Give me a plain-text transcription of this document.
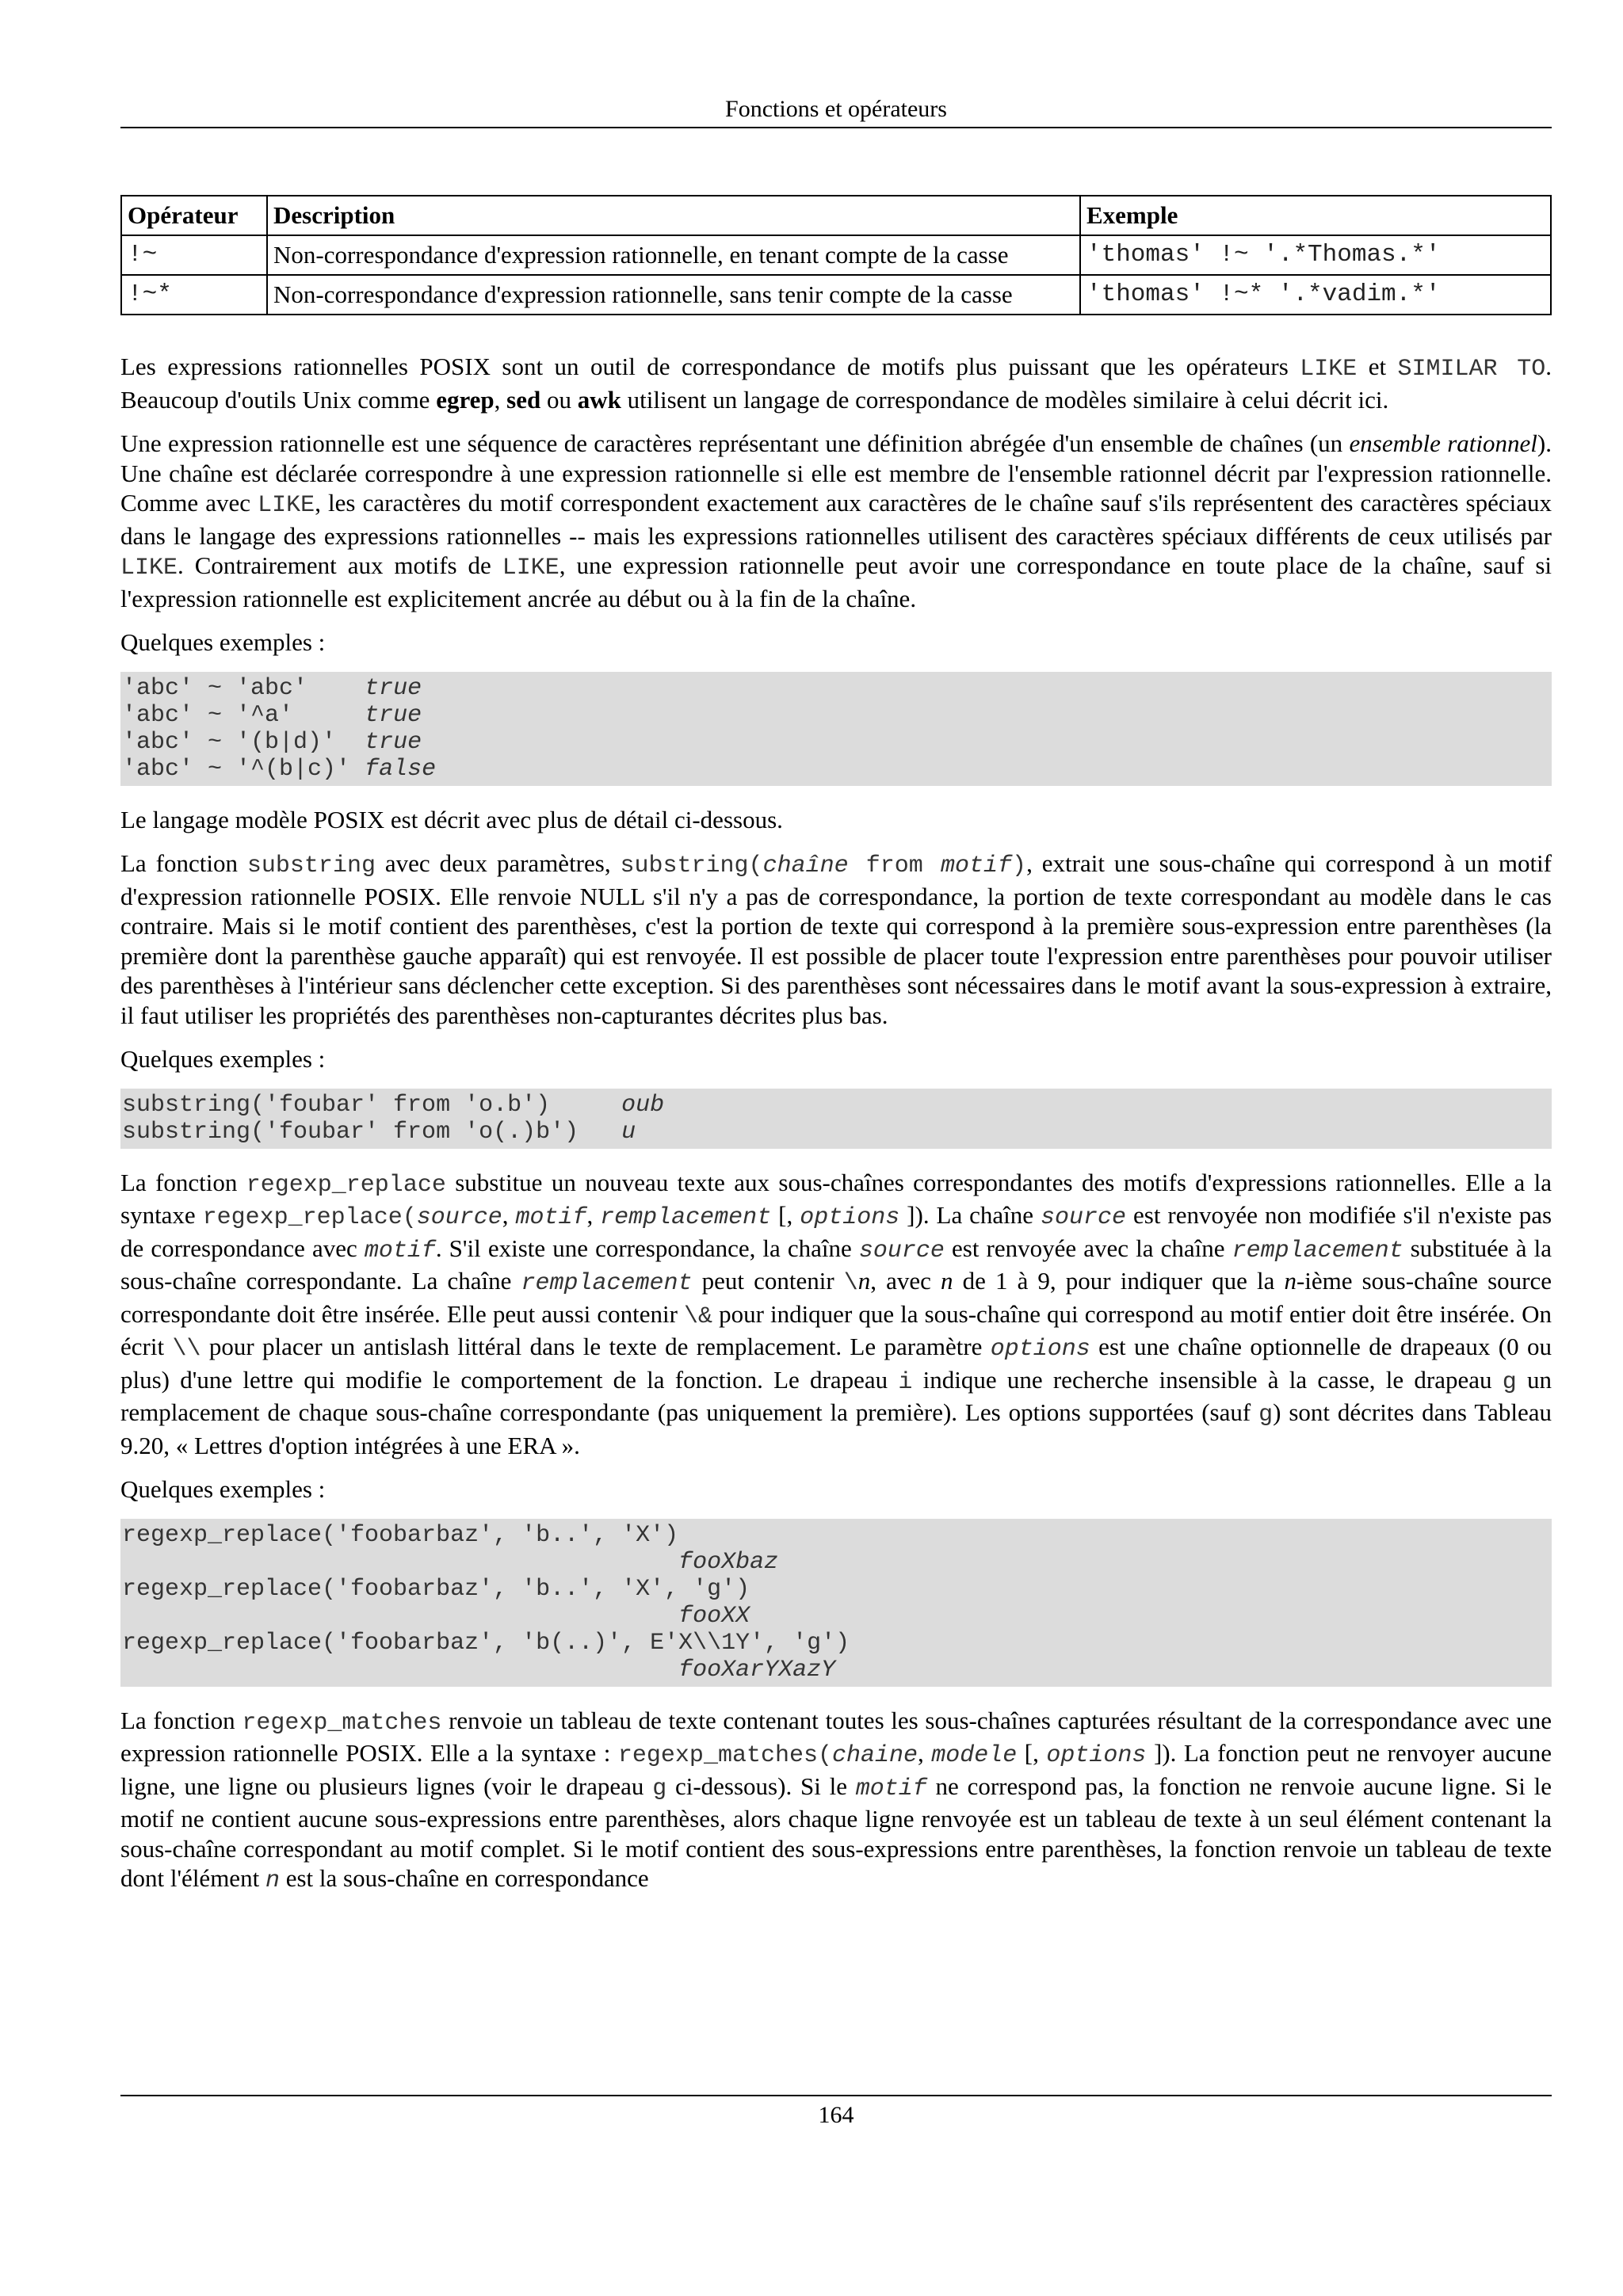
Fonctions et opérateurs
Opérateur	Description	Exemple
!~	Non-correspondance d'expression rationnelle, en tenant compte de la casse	'thomas' !~ '.*Thomas.*'
!~*	Non-correspondance d'expression rationnelle, sans tenir compte de la casse	'thomas' !~* '.*vadim.*'

Les expressions rationnelles POSIX sont un outil de correspondance de motifs plus puissant que les opérateurs LIKE et SIMILAR TO. Beaucoup d'outils Unix comme egrep, sed ou awk utilisent un langage de correspondance de modèles similaire à celui décrit ici.

Une expression rationnelle est une séquence de caractères représentant une définition abrégée d'un ensemble de chaînes (un ensemble rationnel). Une chaîne est déclarée correspondre à une expression rationnelle si elle est membre de l'ensemble rationnel décrit par l'expression rationnelle. Comme avec LIKE, les caractères du motif correspondent exactement aux caractères de le chaîne sauf s'ils représentent des caractères spéciaux dans le langage des expressions rationnelles -- mais les expressions rationnelles utilisent des caractères spéciaux différents de ceux utilisés par LIKE. Contrairement aux motifs de LIKE, une expression rationnelle peut avoir une correspondance en toute place de la chaîne, sauf si l'expression rationnelle est explicitement ancrée au début ou à la fin de la chaîne.

Quelques exemples :

'abc' ~ 'abc'    true
'abc' ~ '^a'     true
'abc' ~ '(b|d)'  true
'abc' ~ '^(b|c)' false

Le langage modèle POSIX est décrit avec plus de détail ci-dessous.

La fonction substring avec deux paramètres, substring(chaîne from motif), extrait une sous-chaîne qui correspond à un motif d'expression rationnelle POSIX. Elle renvoie NULL s'il n'y a pas de correspondance, la portion de texte correspondant au modèle dans le cas contraire. Mais si le motif contient des parenthèses, c'est la portion de texte qui correspond à la première sous-expression entre parenthèses (la première dont la parenthèse gauche apparaît) qui est renvoyée. Il est possible de placer toute l'expression entre parenthèses pour pouvoir utiliser des parenthèses à l'intérieur sans déclencher cette exception. Si des parenthèses sont nécessaires dans le motif avant la sous-expression à extraire, il faut utiliser les propriétés des parenthèses non-capturantes décrites plus bas.

Quelques exemples :

substring('foubar' from 'o.b')     oub
substring('foubar' from 'o(.)b')   u

La fonction regexp_replace substitue un nouveau texte aux sous-chaînes correspondantes des motifs d'expressions rationnelles. Elle a la syntaxe regexp_replace(source, motif, remplacement [, options ]). La chaîne source est renvoyée non modifiée s'il n'existe pas de correspondance avec motif. S'il existe une correspondance, la chaîne source est renvoyée avec la chaîne remplacement substituée à la sous-chaîne correspondante. La chaîne remplacement peut contenir \n, avec n de 1 à 9, pour indiquer que la n-ième sous-chaîne source correspondante doit être insérée. Elle peut aussi contenir \& pour indiquer que la sous-chaîne qui correspond au motif entier doit être insérée. On écrit \\ pour placer un antislash littéral dans le texte de remplacement. Le paramètre options est une chaîne optionnelle de drapeaux (0 ou plus) d'une lettre qui modifie le comportement de la fonction. Le drapeau i indique une recherche insensible à la casse, le drapeau g un remplacement de chaque sous-chaîne correspondante (pas uniquement la première). Les options supportées (sauf g) sont décrites dans Tableau 9.20, « Lettres d'option intégrées à une ERA ».

Quelques exemples :

regexp_replace('foobarbaz', 'b..', 'X')
fooXbaz
regexp_replace('foobarbaz', 'b..', 'X', 'g')
fooXX
regexp_replace('foobarbaz', 'b(..)', E'X\\1Y', 'g')
fooXarYXazY

La fonction regexp_matches renvoie un tableau de texte contenant toutes les sous-chaînes capturées résultant de la correspondance avec une expression rationnelle POSIX. Elle a la syntaxe : regexp_matches(chaine, modele [, options ]). La fonction peut ne renvoyer aucune ligne, une ligne ou plusieurs lignes (voir le drapeau g ci-dessous). Si le motif ne correspond pas, la fonction ne renvoie aucune ligne. Si le motif ne contient aucune sous-expressions entre parenthèses, alors chaque ligne renvoyée est un tableau de texte à un seul élément contenant la sous-chaîne correspondant au motif complet. Si le motif contient des sous-expressions entre parenthèses, la fonction renvoie un tableau de texte dont l'élément n est la sous-chaîne en correspondance

164
